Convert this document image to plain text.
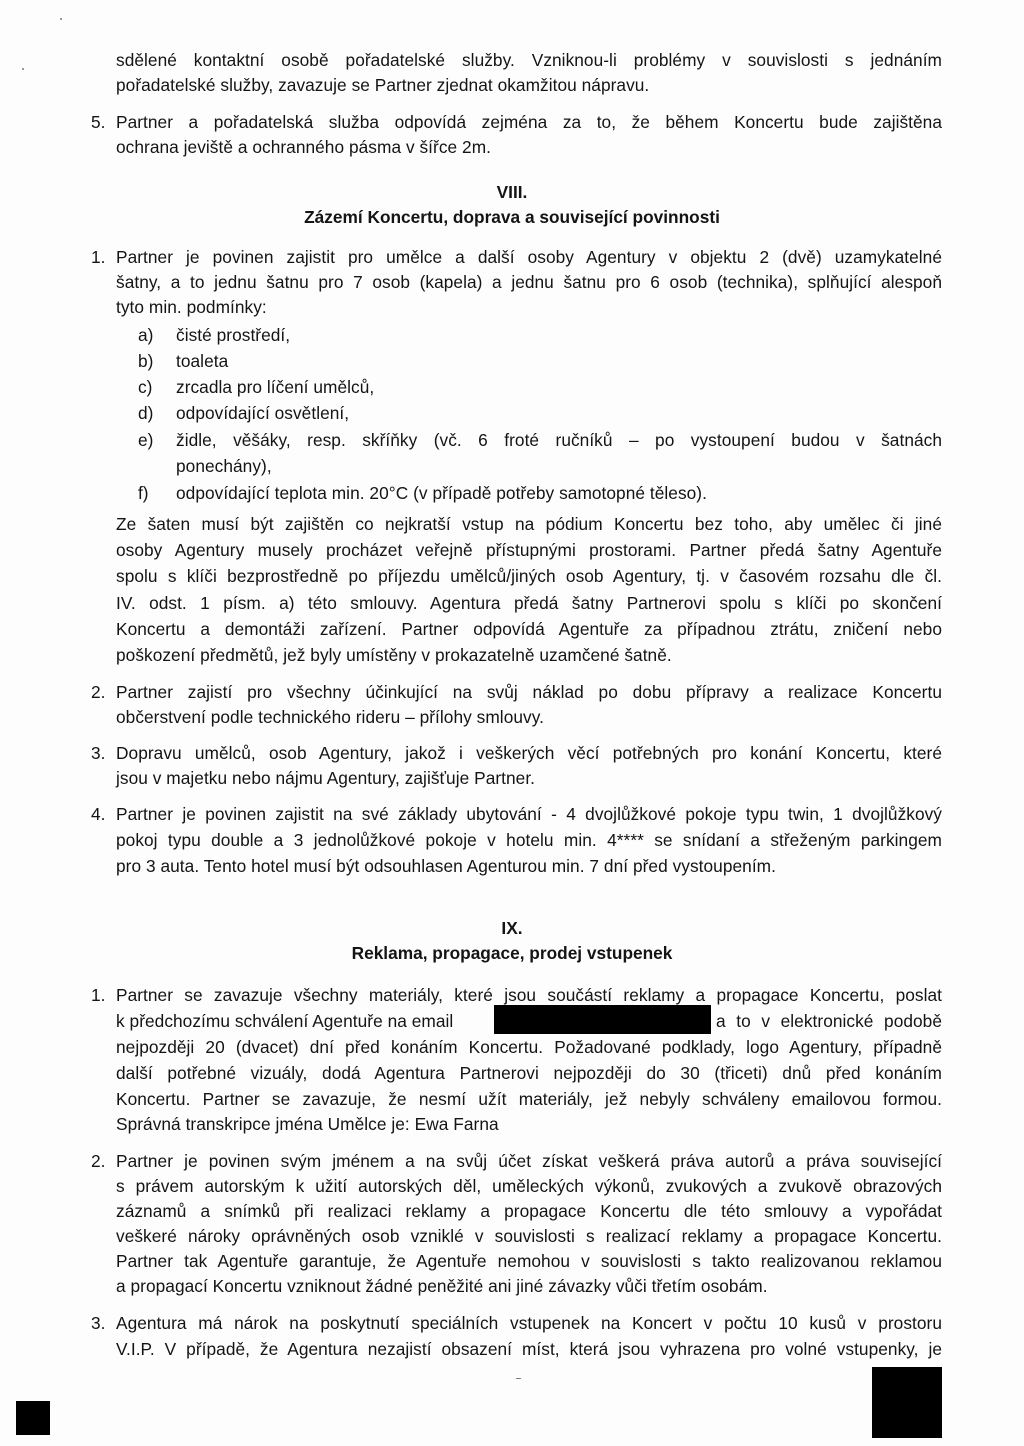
sdělené kontaktní osobě pořadatelské služby. Vzniknou-li problémy v souvislosti s jednáním
pořadatelské služby, zavazuje se Partner zjednat okamžitou nápravu.
5. Partner a pořadatelská služba odpovídá zejména za to, že během Koncertu bude zajištěna
ochrana jeviště a ochranného pásma v šířce 2m.
VIII.
Zázemí Koncertu, doprava a související povinnosti
1. Partner je povinen zajistit pro umělce a další osoby Agentury v objektu 2 (dvě) uzamykatelné
šatny, a to jednu šatnu pro 7 osob (kapela) a jednu šatnu pro 6 osob (technika), splňující alespoň
tyto min. podmínky:
a) čisté prostředí,
b) toaleta
c) zrcadla pro líčení umělců,
d) odpovídající osvětlení,
e) židle, věšáky, resp. skříňky (vč. 6 froté ručníků – po vystoupení budou v šatnách
ponechány),
f) odpovídající teplota min. 20°C (v případě potřeby samotopné těleso).
Ze šaten musí být zajištěn co nejkratší vstup na pódium Koncertu bez toho, aby umělec či jiné
osoby Agentury musely procházet veřejně přístupnými prostorami. Partner předá šatny Agentuře
spolu s klíči bezprostředně po příjezdu umělců/jiných osob Agentury, tj. v časovém rozsahu dle čl.
IV. odst. 1 písm. a) této smlouvy. Agentura předá šatny Partnerovi spolu s klíči po skončení
Koncertu a demontáži zařízení. Partner odpovídá Agentuře za případnou ztrátu, zničení nebo
poškození předmětů, jež byly umístěny v prokazatelně uzamčené šatně.
2. Partner zajistí pro všechny účinkující na svůj náklad po dobu přípravy a realizace Koncertu
občerstvení podle technického rideru – přílohy smlouvy.
3. Dopravu umělců, osob Agentury, jakož i veškerých věcí potřebných pro konání Koncertu, které
jsou v majetku nebo nájmu Agentury, zajišťuje Partner.
4. Partner je povinen zajistit na své základy ubytování - 4 dvojlůžkové pokoje typu twin, 1 dvojlůžkový
pokoj typu double a 3 jednolůžkové pokoje v hotelu min. 4**** se snídaní a střeženým parkingem
pro 3 auta. Tento hotel musí být odsouhlasen Agenturou min. 7 dní před vystoupením.
IX.
Reklama, propagace, prodej vstupenek
1. Partner se zavazuje všechny materiály, které jsou součástí reklamy a propagace Koncertu, poslat
k předchozímu schválení Agentuře na email	a to v elektronické podobě
nejpozději 20 (dvacet) dní před konáním Koncertu. Požadované podklady, logo Agentury, případně
další potřebné vizuály, dodá Agentura Partnerovi nejpozději do 30 (třiceti) dnů před konáním
Koncertu. Partner se zavazuje, že nesmí užít materiály, jež nebyly schváleny emailovou formou.
Správná transkripce jména Umělce je: Ewa Farna
2. Partner je povinen svým jménem a na svůj účet získat veškerá práva autorů a práva související
s právem autorským k užití autorských děl, uměleckých výkonů, zvukových a zvukově obrazových
záznamů a snímků při realizaci reklamy a propagace Koncertu dle této smlouvy a vypořádat
veškeré nároky oprávněných osob vzniklé v souvislosti s realizací reklamy a propagace Koncertu.
Partner tak Agentuře garantuje, že Agentuře nemohou v souvislosti s takto realizovanou reklamou
a propagací Koncertu vzniknout žádné peněžité ani jiné závazky vůči třetím osobám.
3. Agentura má nárok na poskytnutí speciálních vstupenek na Koncert v počtu 10 kusů v prostoru
V.I.P. V případě, že Agentura nezajistí obsazení míst, která jsou vyhrazena pro volné vstupenky, je
